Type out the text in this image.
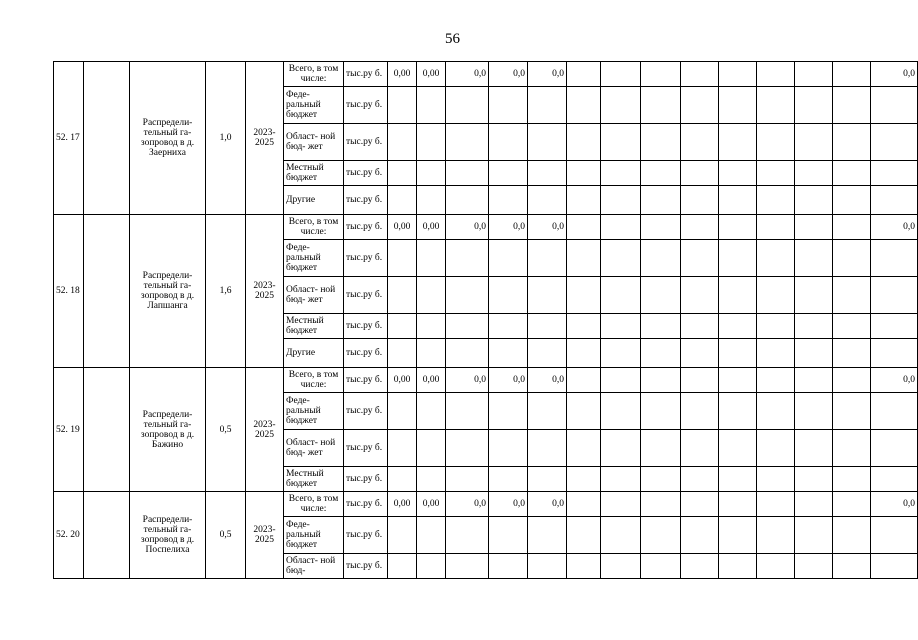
56
52. 17		Распредели- тельный га- зопровод в д. Заерниха	1,0	2023- 2025	Всего, в том числе:	тыс.ру б.	0,00	0,00	0,0	0,0	0,0									0,0	
					Феде- ральный бюджет	тыс.ру б.															
					Област- ной бюд- жет	тыс.ру б.															
					Местный бюджет	тыс.ру б.															
					Другие	тыс.ру б.															
52. 18		Распредели- тельный га- зопровод в д. Лапшанга	1,6	2023- 2025	Всего, в том числе:	тыс.ру б.	0,00	0,00	0,0	0,0	0,0									0,0	
					Феде- ральный бюджет	тыс.ру б.															
					Област- ной бюд- жет	тыс.ру б.															
					Местный бюджет	тыс.ру б.															
					Другие	тыс.ру б.															
52. 19		Распредели- тельный га- зопровод в д. Бажино	0,5	2023- 2025	Всего, в том числе:	тыс.ру б.	0,00	0,00	0,0	0,0	0,0									0,0	
					Феде- ральный бюджет	тыс.ру б.															
					Област- ной бюд- жет	тыс.ру б.															
					Местный бюджет	тыс.ру б.															
52. 20		Распредели- тельный га- зопровод в д. Поспелиха	0,5	2023- 2025	Всего, в том числе:	тыс.ру б.	0,00	0,00	0,0	0,0	0,0									0,0	
					Феде- ральный бюджет	тыс.ру б.															
					Област- ной бюд-	тыс.ру б.															
